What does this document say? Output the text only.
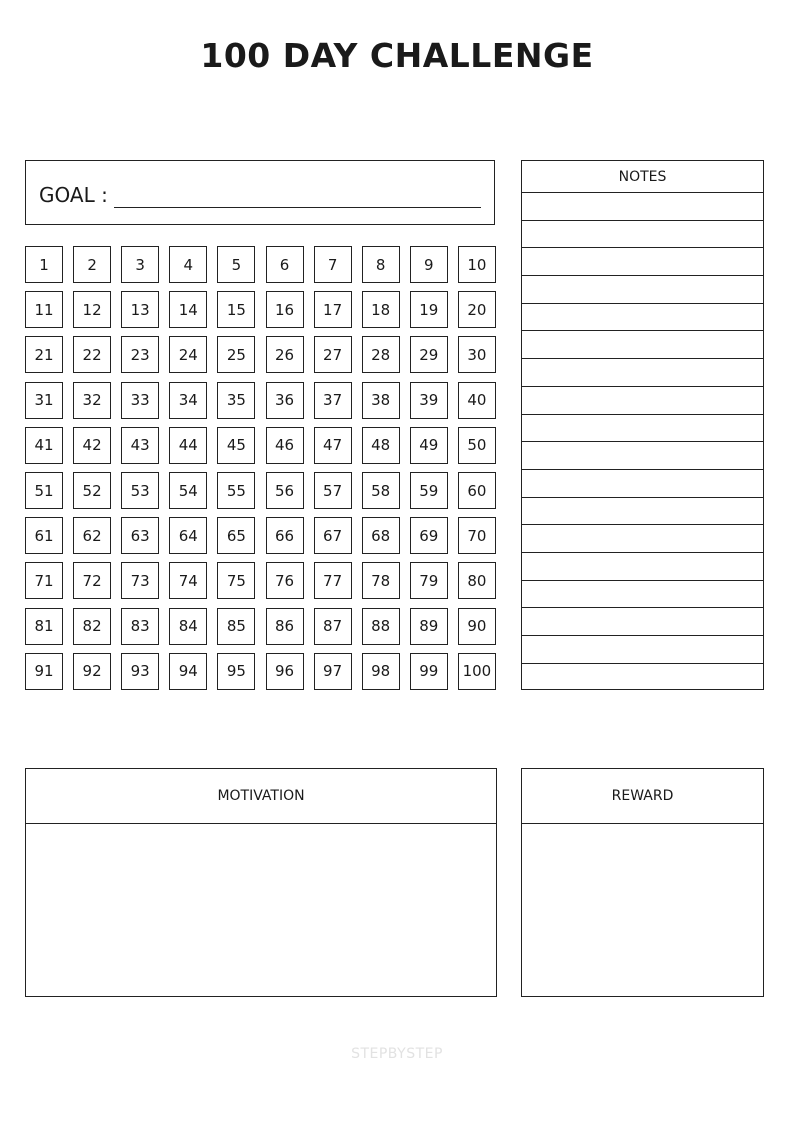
100 DAY CHALLENGE
GOAL :
1	2	3	4	5	6	7	8	9	10
11	12	13	14	15	16	17	18	19	20
21	22	23	24	25	26	27	28	29	30
31	32	33	34	35	36	37	38	39	40
41	42	43	44	45	46	47	48	49	50
51	52	53	54	55	56	57	58	59	60
61	62	63	64	65	66	67	68	69	70
71	72	73	74	75	76	77	78	79	80
81	82	83	84	85	86	87	88	89	90
91	92	93	94	95	96	97	98	99	100
NOTES
MOTIVATION	REWARD
STEPBYSTEP
